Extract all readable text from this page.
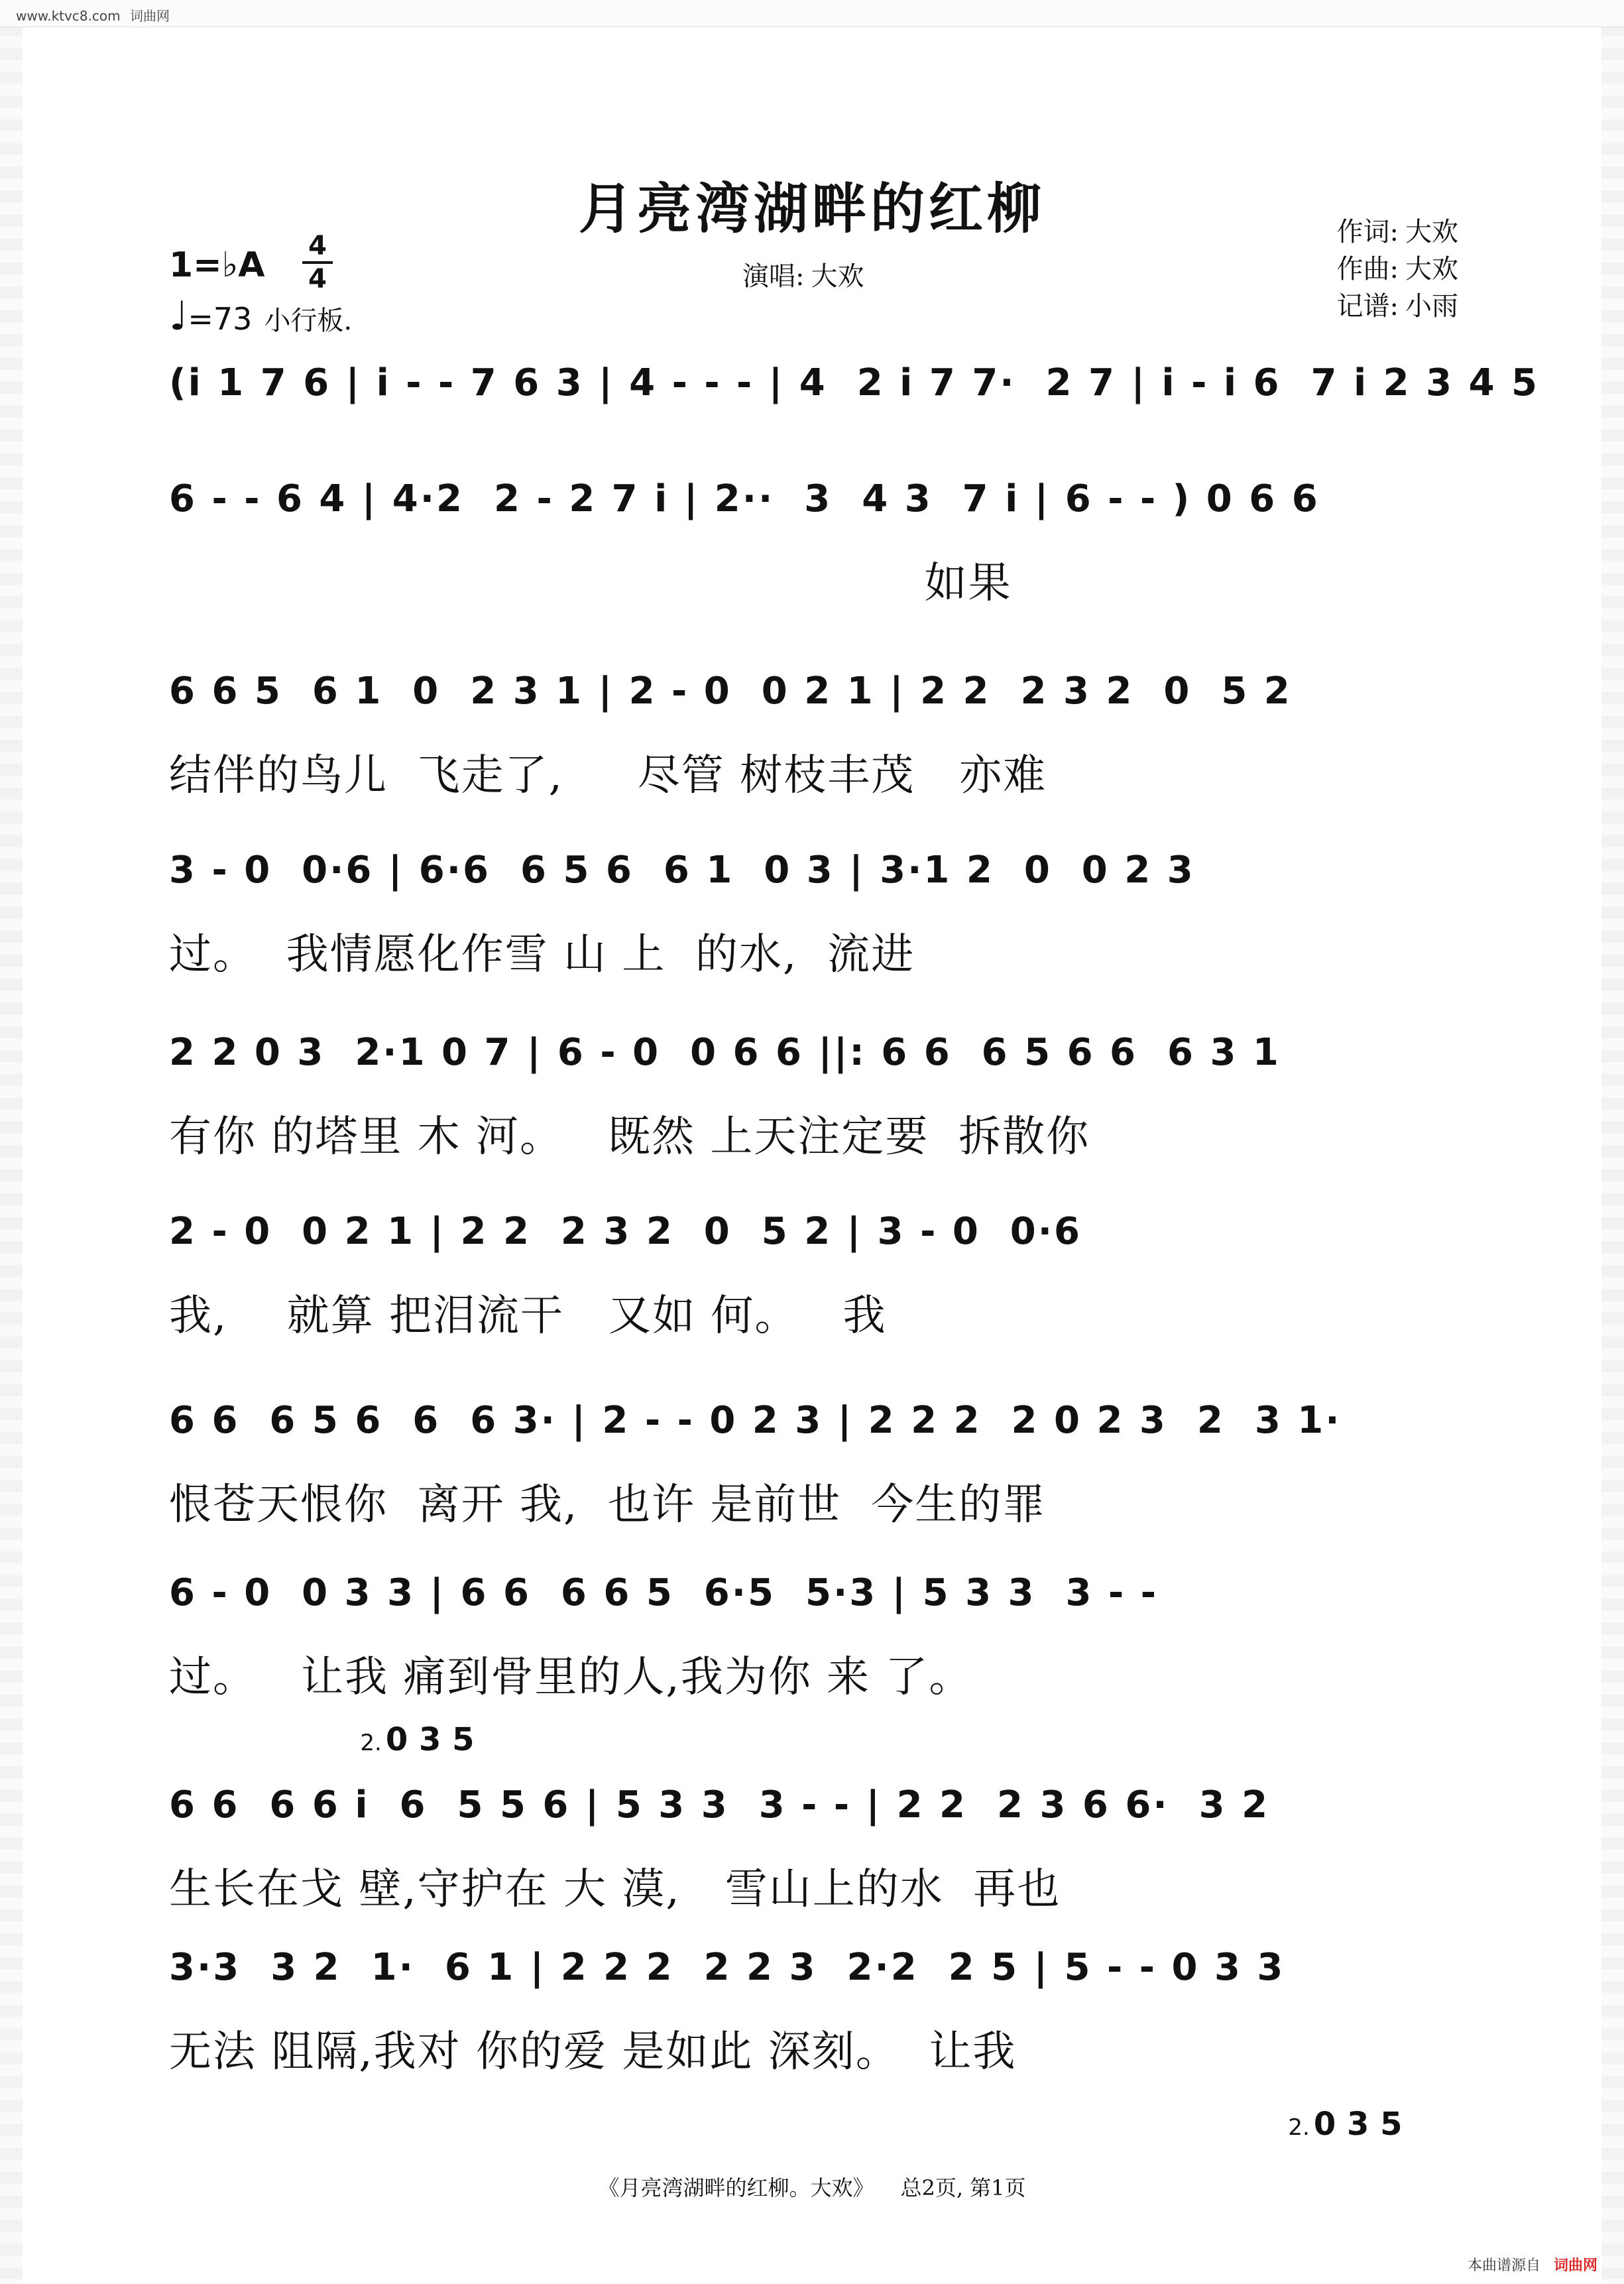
www.ktvc8.com 词曲网
月亮湾湖畔的红柳
1=♭A 4
4
♩=73 小行板.
演唱: 大欢
作词: 大欢
作曲: 大欢
记谱: 小雨
(i 1 7 6 | i - - 7 6 3 | 4 - - - | 4  2 i 7 7·  2 7 | i - i 6  7 i 2 3 4 5
6 - - 6 4 | 4·2  2 - 2 7 i | 2··  3  4 3  7 i | 6 - - ) 0 6 6
如果
6 6 5  6 1  0  2 3 1 | 2 - 0  0 2 1 | 2 2  2 3 2  0  5 2
结伴的鸟儿  飞走了,     尽管 树枝丰茂   亦难
3 - 0  0·6 | 6·6  6 5 6  6 1  0 3 | 3·1 2  0  0 2 3
过。  我情愿化作雪 山 上  的水,  流进
2 2 0 3  2·1 0 7 | 6 - 0  0 6 6 ||: 6 6  6 5 6 6  6 3 1
有你 的塔里 木 河。   既然 上天注定要  拆散你
2 - 0  0 2 1 | 2 2  2 3 2  0  5 2 | 3 - 0  0·6
我,    就算 把泪流干   又如 何。   我
6 6  6 5 6  6  6 3· | 2 - - 0 2 3 | 2 2 2  2 0 2 3  2  3 1·
恨苍天恨你  离开 我,  也许 是前世  今生的罪
6 - 0  0 3 3 | 6 6  6 6 5  6·5  5·3 | 5 3 3  3 - -
过。   让我 痛到骨里的人,我为你 来 了。

2. 0 3 5

6 6  6 6 i  6  5 5 6 | 5 3 3  3 - - | 2 2  2 3 6 6·  3 2
生长在戈 壁,守护在 大 漠,   雪山上的水  再也
3·3  3 2  1·  6 1 | 2 2 2  2 2 3  2·2  2 5 | 5 - - 0 3 3
无法 阻隔,我对 你的爱 是如此 深刻。  让我

2. 0 3 5

《月亮湾湖畔的红柳。大欢》 总2页, 第1页
本曲谱源自 词曲网
